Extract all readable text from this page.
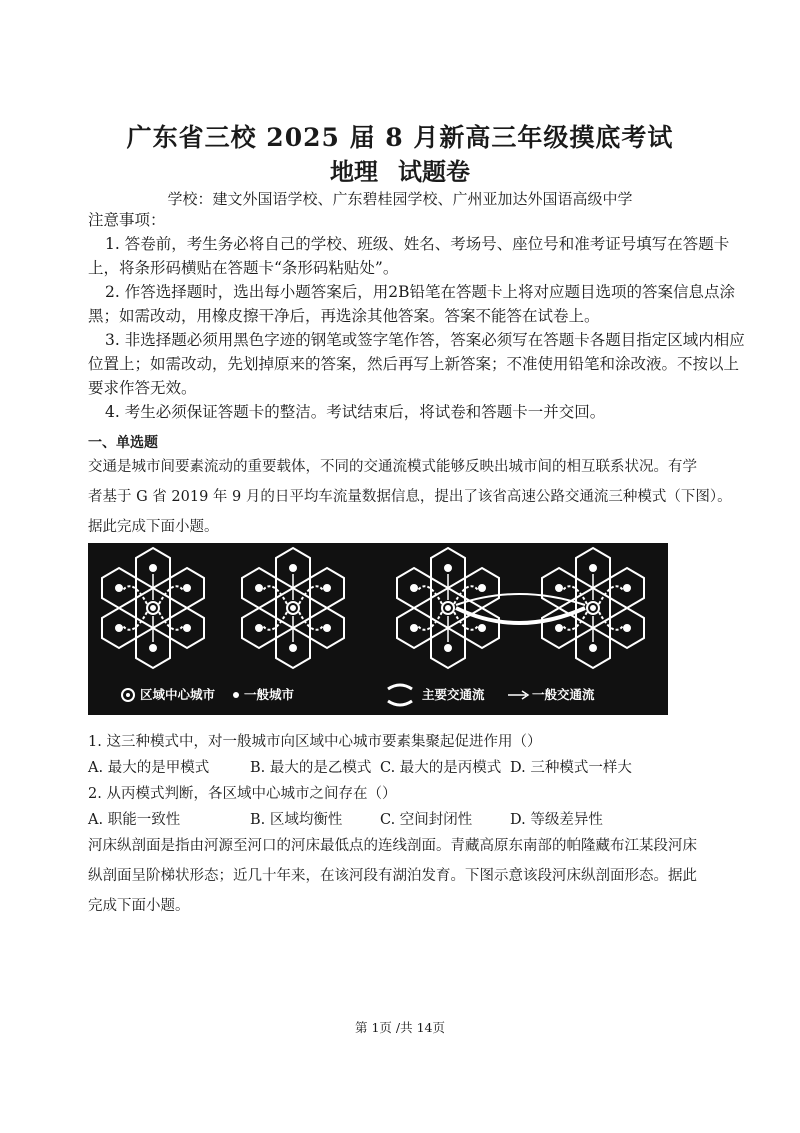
广东省三校 2025 届 8 月新高三年级摸底考试
地理 试题卷
学校：建文外国语学校、广东碧桂园学校、广州亚加达外国语高级中学
注意事项：

1. 答卷前，考生务必将自己的学校、班级、姓名、考场号、座位号和准考证号填写在答题卡上，将条形码横贴在答题卡“条形码粘贴处”。

2. 作答选择题时，选出每小题答案后，用2B铅笔在答题卡上将对应题目选项的答案信息点涂黑；如需改动，用橡皮擦干净后，再选涂其他答案。答案不能答在试卷上。

3. 非选择题必须用黑色字迹的钢笔或签字笔作答，答案必须写在答题卡各题目指定区域内相应位置上；如需改动，先划掉原来的答案，然后再写上新答案；不准使用铅笔和涂改液。不按以上要求作答无效。

4. 考生必须保证答题卡的整洁。考试结束后，将试卷和答题卡一并交回。

一、单选题

交通是城市间要素流动的重要载体，不同的交通流模式能够反映出城市间的相互联系状况。有学

者基于 G 省 2019 年 9 月的日平均车流量数据信息，提出了该省高速公路交通流三种模式（下图）。

据此完成下面小题。

区域中心城市 一般城市	主要交通流	一般交通流
1. 这三种模式中，对一般城市向区域中心城市要素集聚起促进作用（）
A. 最大的是甲模式	B. 最大的是乙模式 C. 最大的是丙模式 D. 三种模式一样大
2. 从丙模式判断，各区域中心城市之间存在（）
A. 职能一致性	B. 区域均衡性	C. 空间封闭性	D. 等级差异性

河床纵剖面是指由河源至河口的河床最低点的连线剖面。青藏高原东南部的帕隆藏布江某段河床

纵剖面呈阶梯状形态；近几十年来，在该河段有湖泊发育。下图示意该段河床纵剖面形态。据此

完成下面小题。

第 1页 /共 14页
